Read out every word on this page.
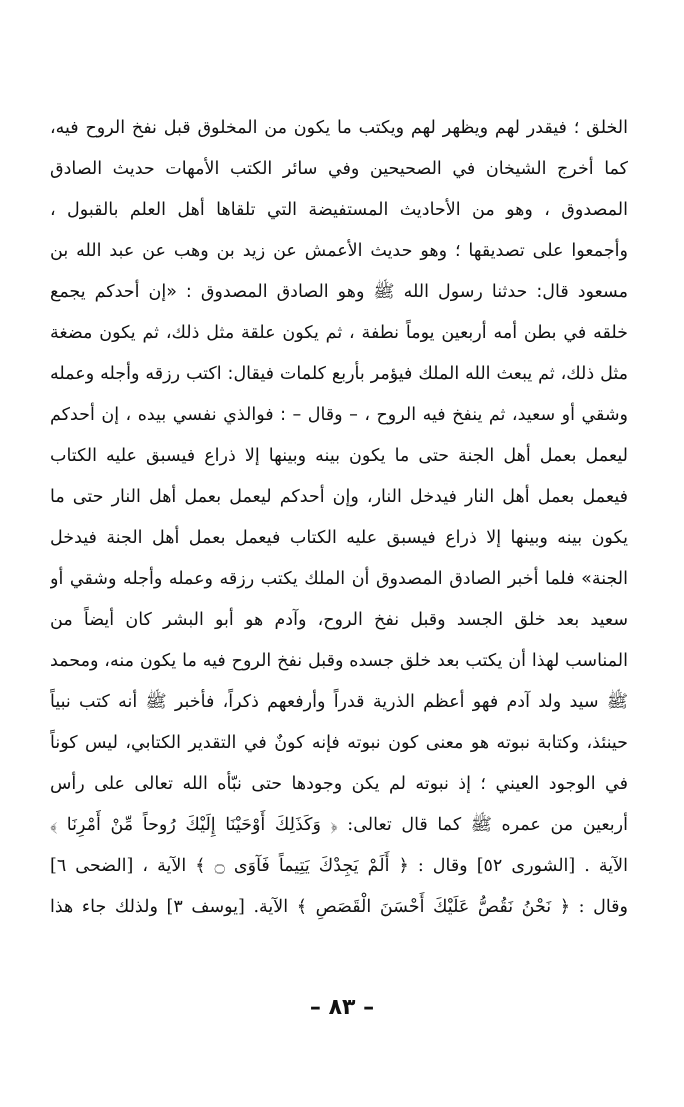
الخلق ؛ فيقدر لهم ويظهر لهم ويكتب ما يكون من المخلوق قبل نفخ الروح فيه،
كما أخرج الشيخان في الصحيحين وفي سائر الكتب الأمهات حديث الصادق
المصدوق ، وهو من الأحاديث المستفيضة التي تلقاها أهل العلم بالقبول ،
وأجمعوا على تصديقها ؛ وهو حديث الأعمش عن زيد بن وهب عن عبد الله بن
مسعود قال: حدثنا رسول الله ﷺ وهو الصادق المصدوق : «إن أحدكم يجمع
خلقه في بطن أمه أربعين يوماً نطفة ، ثم يكون علقة مثل ذلك، ثم يكون مضغة
مثل ذلك، ثم يبعث الله الملك فيؤمر بأربع كلمات فيقال: اكتب رزقه وأجله وعمله
وشقي أو سعيد، ثم ينفخ فيه الروح ، – وقال – : فوالذي نفسي بيده ، إن أحدكم
ليعمل بعمل أهل الجنة حتى ما يكون بينه وبينها إلا ذراع فيسبق عليه الكتاب
فيعمل بعمل أهل النار فيدخل النار، وإن أحدكم ليعمل بعمل أهل النار حتى ما
يكون بينه وبينها إلا ذراع فيسبق عليه الكتاب فيعمل بعمل أهل الجنة فيدخل
الجنة» فلما أخبر الصادق المصدوق أن الملك يكتب رزقه وعمله وأجله وشقي أو
سعيد بعد خلق الجسد وقبل نفخ الروح، وآدم هو أبو البشر كان أيضاً من
المناسب لهذا أن يكتب بعد خلق جسده وقبل نفخ الروح فيه ما يكون منه، ومحمد
ﷺ سيد ولد آدم فهو أعظم الذرية قدراً وأرفعهم ذكراً، فأخبر ﷺ أنه كتب نبياً
حينئذ، وكتابة نبوته هو معنى كون نبوته فإنه كونٌ في التقدير الكتابي، ليس كوناً
في الوجود العيني ؛ إذ نبوته لم يكن وجودها حتى نبّأه الله تعالى على رأس
أربعين من عمره ﷺ كما قال تعالى: ﴿ وَكَذَلِكَ أَوْحَيْنَا إِلَيْكَ رُوحاً مِّنْ أَمْرِنَا ﴾
الآية . [الشورى ٥٢] وقال : ﴿ أَلَمْ يَجِدْكَ يَتِيماً فَآوَى ۝ ﴾ الآية ، [الضحى ٦]
وقال : ﴿ نَحْنُ نَقُصُّ عَلَيْكَ أَحْسَنَ الْقَصَصِ ﴾ الآية. [يوسف ٣] ولذلك جاء هذا
– ٨٣ –
